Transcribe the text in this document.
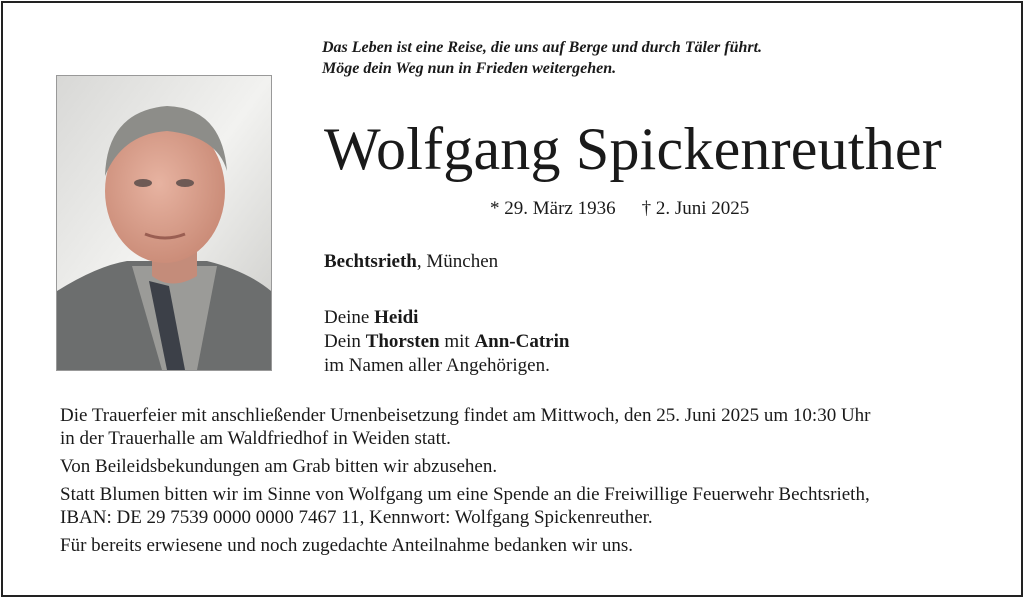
Das Leben ist eine Reise, die uns auf Berge und durch Täler führt.
Möge dein Weg nun in Frieden weitergehen.
Wolfgang Spickenreuther
* 29. März 1936 † 2. Juni 2025
Bechtsrieth, München
Deine Heidi
Dein Thorsten mit Ann-Catrin
im Namen aller Angehörigen.

Die Trauerfeier mit anschließender Urnenbeisetzung findet am Mittwoch, den 25. Juni 2025 um 10:30 Uhr
in der Trauerhalle am Waldfriedhof in Weiden statt.

Von Beileidsbekundungen am Grab bitten wir abzusehen.

Statt Blumen bitten wir im Sinne von Wolfgang um eine Spende an die Freiwillige Feuerwehr Bechtsrieth,
IBAN: DE 29 7539 0000 0000 7467 11, Kennwort: Wolfgang Spickenreuther.

Für bereits erwiesene und noch zugedachte Anteilnahme bedanken wir uns.
